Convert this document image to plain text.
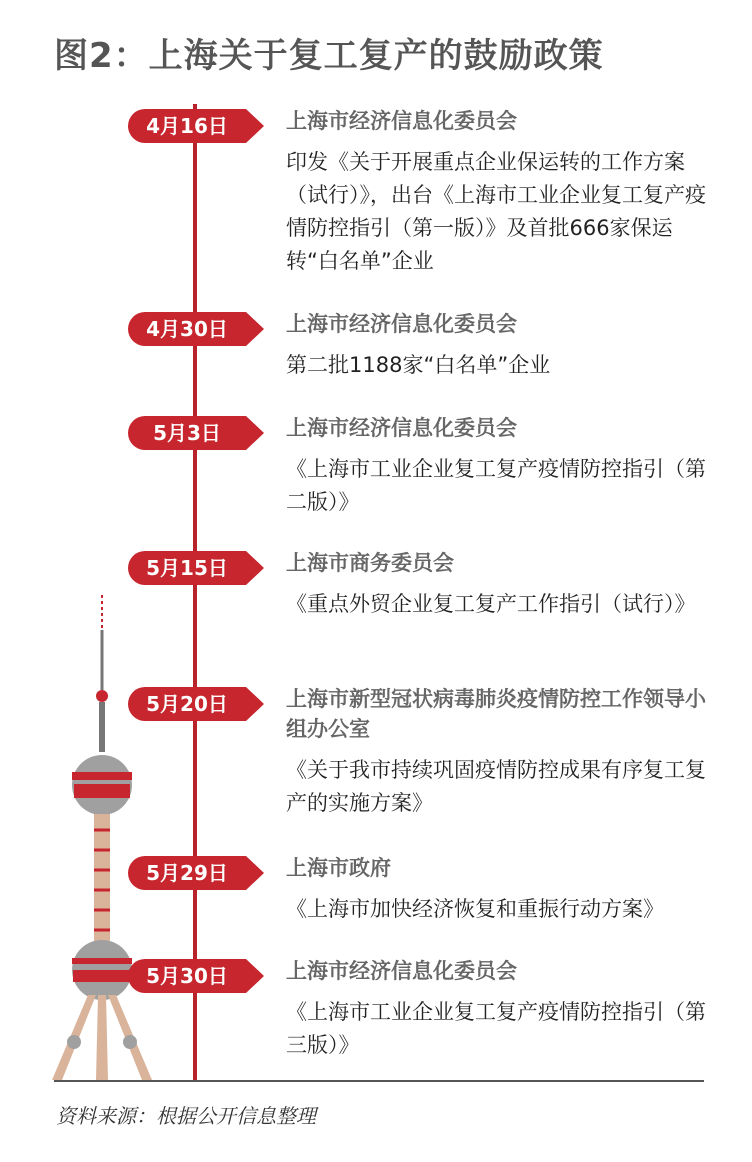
图2：上海关于复工复产的鼓励政策
4月16日	上海市经济信息化委员会
印发《关于开展重点企业保运转的工作方案（试行）》，出台《上海市工业企业复工复产疫情防控指引（第一版）》及首批666家保运转“白名单”企业
4月30日	上海市经济信息化委员会
第二批1188家“白名单”企业
5月3日	上海市经济信息化委员会
《上海市工业企业复工复产疫情防控指引（第二版）》
5月15日	上海市商务委员会
《重点外贸企业复工复产工作指引（试行）》
5月20日	上海市新型冠状病毒肺炎疫情防控工作领导小组办公室
《关于我市持续巩固疫情防控成果有序复工复产的实施方案》
5月29日	上海市政府
《上海市加快经济恢复和重振行动方案》
5月30日	上海市经济信息化委员会
《上海市工业企业复工复产疫情防控指引（第三版）》
资料来源：根据公开信息整理
